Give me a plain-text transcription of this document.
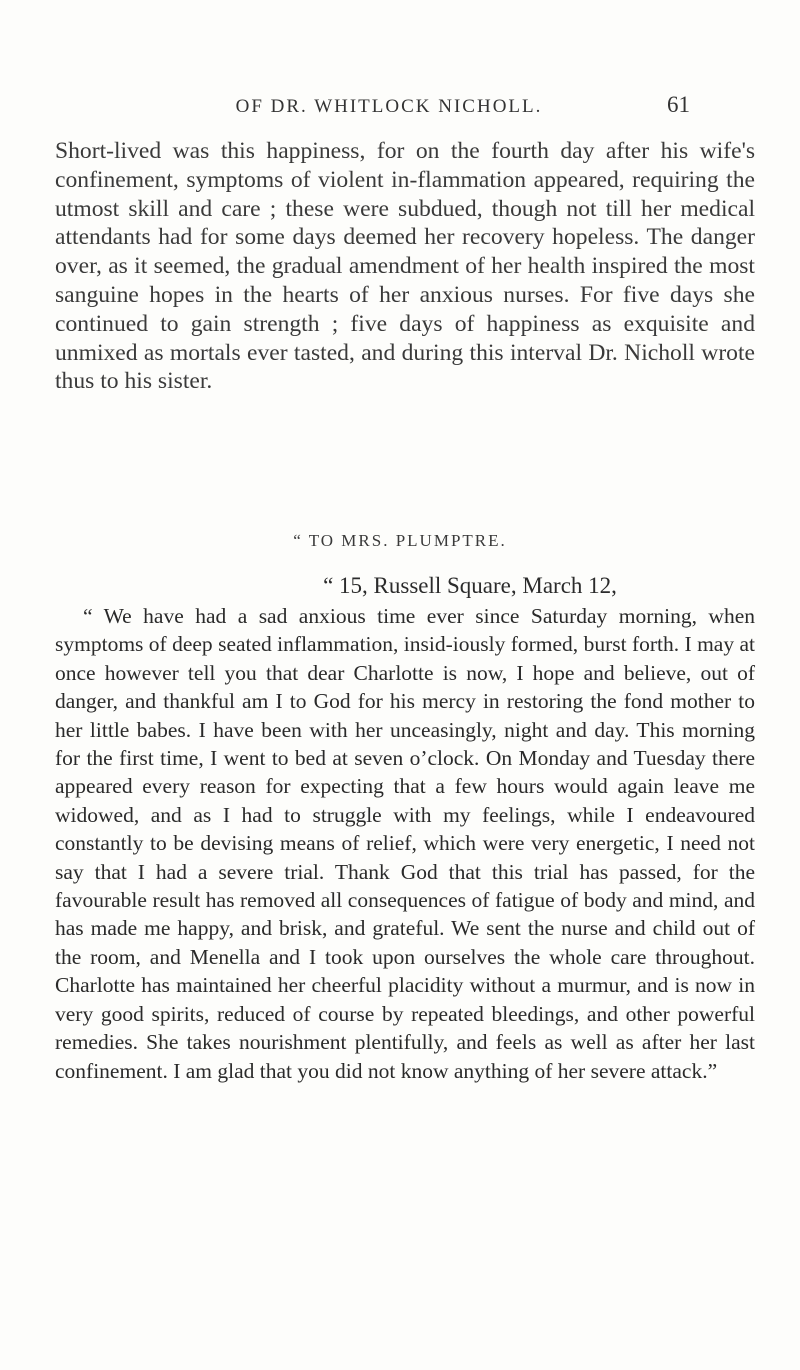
OF DR. WHITLOCK NICHOLL.	61

Short-lived was this happiness, for on the fourth day after his wife's confinement, symptoms of violent in-flammation appeared, requiring the utmost skill and care ; these were subdued, though not till her medical attendants had for some days deemed her recovery hopeless. The danger over, as it seemed, the gradual amendment of her health inspired the most sanguine hopes in the hearts of her anxious nurses. For five days she continued to gain strength ; five days of happiness as exquisite and unmixed as mortals ever tasted, and during this interval Dr. Nicholl wrote thus to his sister.

“ TO MRS. PLUMPTRE.

“ 15, Russell Square, March 12,

“ We have had a sad anxious time ever since Saturday morning, when symptoms of deep seated inflammation, insid-iously formed, burst forth. I may at once however tell you that dear Charlotte is now, I hope and believe, out of danger, and thankful am I to God for his mercy in restoring the fond mother to her little babes. I have been with her unceasingly, night and day. This morning for the first time, I went to bed at seven o’clock. On Monday and Tuesday there appeared every reason for expecting that a few hours would again leave me widowed, and as I had to struggle with my feelings, while I endeavoured constantly to be devising means of relief, which were very energetic, I need not say that I had a severe trial. Thank God that this trial has passed, for the favourable result has removed all consequences of fatigue of body and mind, and has made me happy, and brisk, and grateful. We sent the nurse and child out of the room, and Menella and I took upon ourselves the whole care throughout. Charlotte has maintained her cheerful placidity without a murmur, and is now in very good spirits, reduced of course by repeated bleedings, and other powerful remedies. She takes nourishment plentifully, and feels as well as after her last confinement. I am glad that you did not know anything of her severe attack.”
